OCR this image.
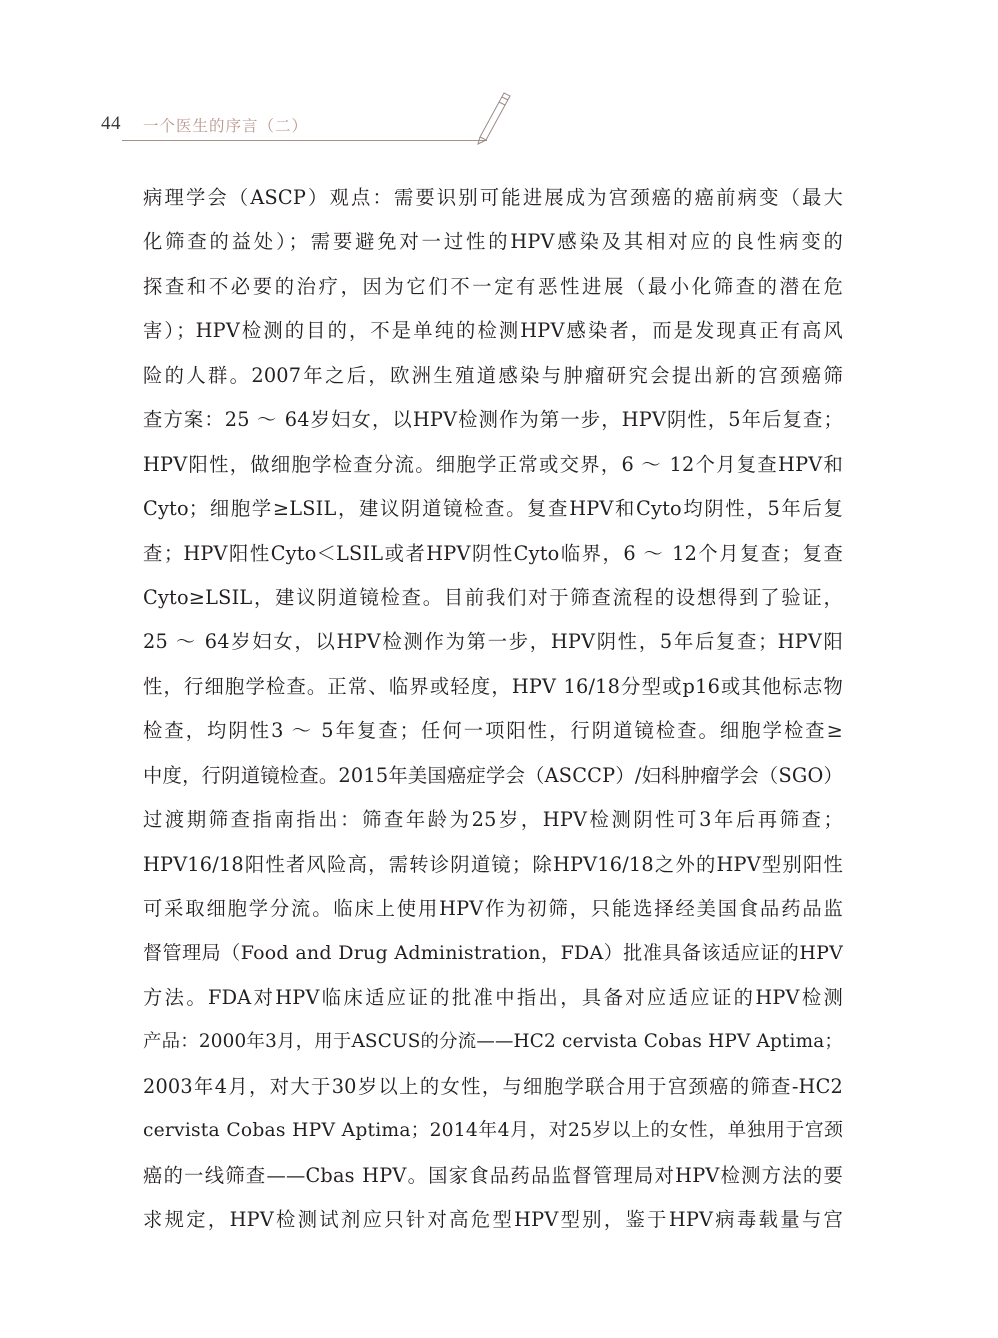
44 一个医生的序言（二）
病理学会（ASCP）观点：需要识别可能进展成为宫颈癌的癌前病变（最大
化筛查的益处）；需要避免对一过性的HPV感染及其相对应的良性病变的
探查和不必要的治疗，因为它们不一定有恶性进展（最小化筛查的潜在危
害）；HPV检测的目的，不是单纯的检测HPV感染者，而是发现真正有高风
险的人群。2007年之后，欧洲生殖道感染与肿瘤研究会提出新的宫颈癌筛
查方案：25 ～ 64岁妇女，以HPV检测作为第一步，HPV阴性，5年后复查；
HPV阳性，做细胞学检查分流。细胞学正常或交界，6 ～ 12个月复查HPV和
Cyto；细胞学≥LSIL，建议阴道镜检查。复查HPV和Cyto均阴性，5年后复
查；HPV阳性Cyto＜LSIL或者HPV阴性Cyto临界，6 ～ 12个月复查；复查
Cyto≥LSIL，建议阴道镜检查。目前我们对于筛查流程的设想得到了验证，
25 ～ 64岁妇女，以HPV检测作为第一步，HPV阴性，5年后复查；HPV阳
性，行细胞学检查。正常、临界或轻度，HPV 16/18分型或p16或其他标志物
检查，均阴性3 ～ 5年复查；任何一项阳性，行阴道镜检查。细胞学检查≥
中度，行阴道镜检查。2015年美国癌症学会（ASCCP）/妇科肿瘤学会（SGO）
过渡期筛查指南指出：筛查年龄为25岁，HPV检测阴性可3年后再筛查；
HPV16/18阳性者风险高，需转诊阴道镜；除HPV16/18之外的HPV型别阳性
可采取细胞学分流。临床上使用HPV作为初筛，只能选择经美国食品药品监
督管理局（Food and Drug Administration，FDA）批准具备该适应证的HPV
方法。FDA对HPV临床适应证的批准中指出，具备对应适应证的HPV检测
产品：2000年3月，用于ASCUS的分流——HC2 cervista Cobas HPV Aptima；
2003年4月，对大于30岁以上的女性，与细胞学联合用于宫颈癌的筛查-HC2
cervista Cobas HPV Aptima；2014年4月，对25岁以上的女性，单独用于宫颈
癌的一线筛查——Cbas HPV。国家食品药品监督管理局对HPV检测方法的要
求规定，HPV检测试剂应只针对高危型HPV型别，鉴于HPV病毒载量与宫
